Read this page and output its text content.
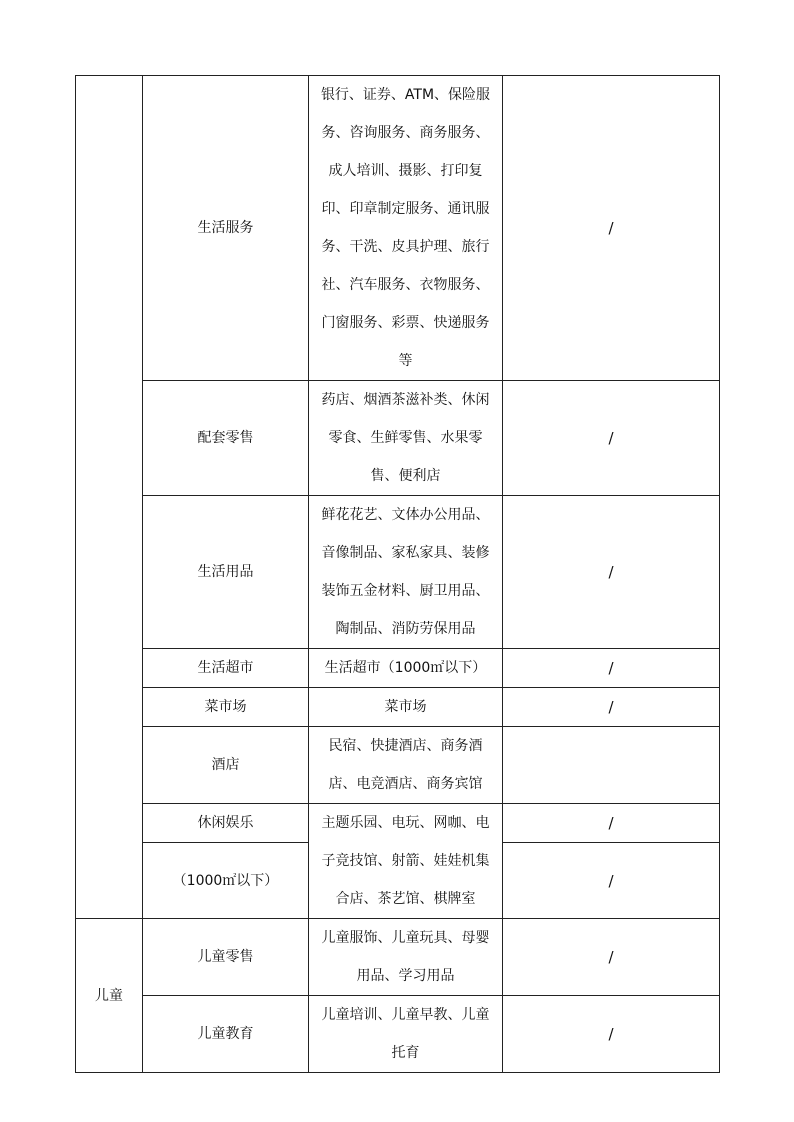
	生活服务	银行、证券、ATM、保险服务、咨询服务、商务服务、成人培训、摄影、打印复印、印章制定服务、通讯服务、干洗、皮具护理、旅行社、汽车服务、衣物服务、门窗服务、彩票、快递服务等	/
	配套零售	药店、烟酒茶滋补类、休闲零食、生鲜零售、水果零售、便利店	/
	生活用品	鲜花花艺、文体办公用品、音像制品、家私家具、装修装饰五金材料、厨卫用品、陶制品、消防劳保用品	/
	生活超市	生活超市（1000㎡以下）	/
	菜市场	菜市场	/
	酒店	民宿、快捷酒店、商务酒店、电竞酒店、商务宾馆	
	休闲娱乐	主题乐园、电玩、网咖、电子竞技馆、射箭、娃娃机集合店、茶艺馆、棋牌室	/
	（1000㎡以下）		/

儿童	儿童零售	儿童服饰、儿童玩具、母婴用品、学习用品	/
	儿童教育	儿童培训、儿童早教、儿童托育	/
